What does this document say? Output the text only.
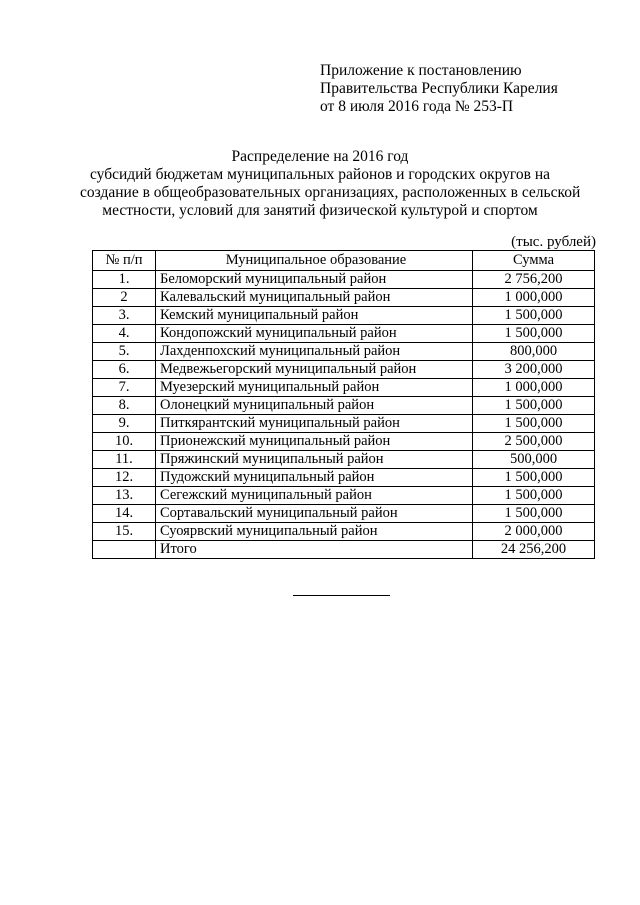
Приложение к постановлению
Правительства Республики Карелия
от 8 июля 2016 года № 253-П
Распределение на 2016 год
субсидий бюджетам муниципальных районов и городских округов на
создание в общеобразовательных организациях, расположенных в сельской
местности, условий для занятий физической культурой и спортом
(тыс. рублей)
№ п/п	Муниципальное образование	Сумма
1.	Беломорский муниципальный район	2 756,200
2	Калевальский муниципальный район	1 000,000
3.	Кемский муниципальный район	1 500,000
4.	Кондопожский муниципальный район	1 500,000
5.	Лахденпохский муниципальный район	800,000
6.	Медвежьегорский муниципальный район	3 200,000
7.	Муезерский муниципальный район	1 000,000
8.	Олонецкий муниципальный район	1 500,000
9.	Питкярантский муниципальный район	1 500,000
10.	Прионежский муниципальный район	2 500,000
11.	Пряжинский муниципальный район	500,000
12.	Пудожский муниципальный район	1 500,000
13.	Сегежский муниципальный район	1 500,000
14.	Сортавальский муниципальный район	1 500,000
15.	Суоярвский муниципальный район	2 000,000
	Итого	24 256,200
